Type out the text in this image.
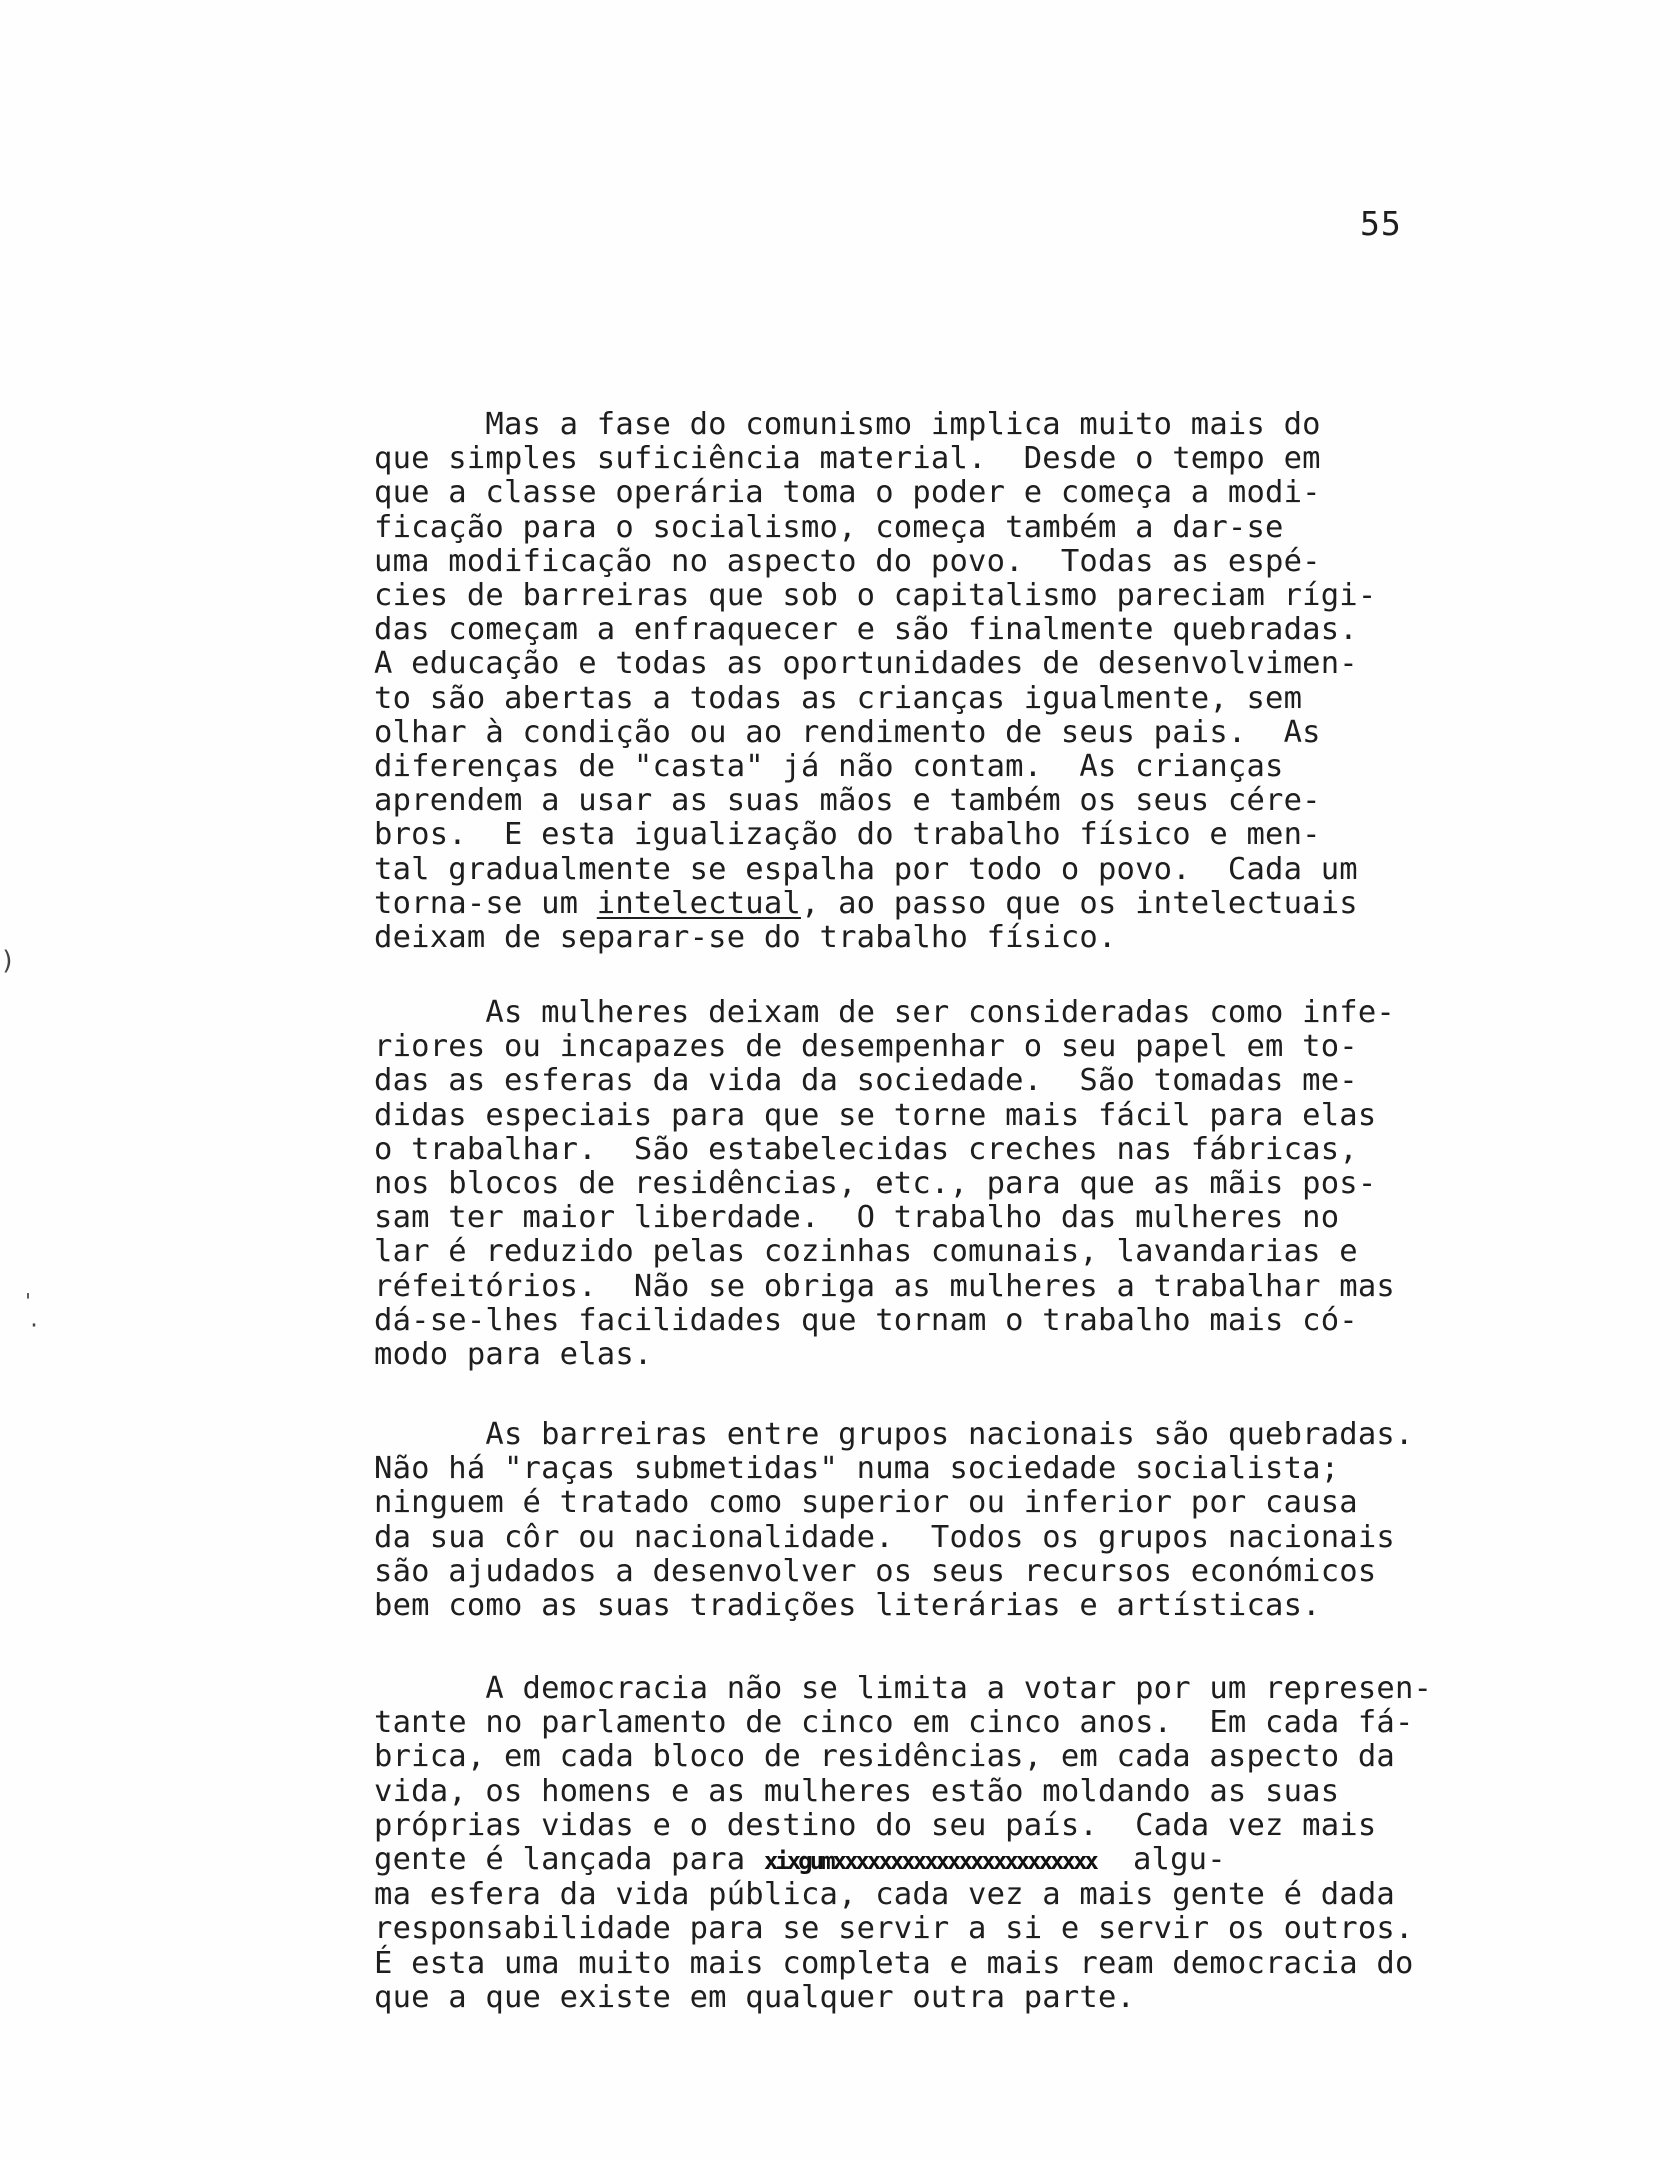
55
)
'
·
Mas a fase do comunismo implica muito mais do
que simples suficiência material.  Desde o tempo em
que a classe operária toma o poder e começa a modi-
ficação para o socialismo, começa também a dar-se
uma modificação no aspecto do povo.  Todas as espé-
cies de barreiras que sob o capitalismo pareciam rígi-
das começam a enfraquecer e são finalmente quebradas.
A educação e todas as oportunidades de desenvolvimen-
to são abertas a todas as crianças igualmente, sem
olhar à condição ou ao rendimento de seus pais.  As
diferenças de "casta" já não contam.  As crianças
aprendem a usar as suas mãos e também os seus cére-
bros.  E esta igualização do trabalho físico e men-
tal gradualmente se espalha por todo o povo.  Cada um
torna-se um intelectual, ao passo que os intelectuais
deixam de separar-se do trabalho físico.
As mulheres deixam de ser consideradas como infe-
riores ou incapazes de desempenhar o seu papel em to-
das as esferas da vida da sociedade.  São tomadas me-
didas especiais para que se torne mais fácil para elas
o trabalhar.  São estabelecidas creches nas fábricas,
nos blocos de residências, etc., para que as mãis pos-
sam ter maior liberdade.  O trabalho das mulheres no
lar é reduzido pelas cozinhas comunais, lavandarias e
réfeitórios.  Não se obriga as mulheres a trabalhar mas
dá-se-lhes facilidades que tornam o trabalho mais có-
modo para elas.
As barreiras entre grupos nacionais são quebradas.
Não há "raças submetidas" numa sociedade socialista;
ninguem é tratado como superior ou inferior por causa
da sua côr ou nacionalidade.  Todos os grupos nacionais
são ajudados a desenvolver os seus recursos económicos
bem como as suas tradições literárias e artísticas.
A democracia não se limita a votar por um represen-
tante no parlamento de cinco em cinco anos.  Em cada fá-
brica, em cada bloco de residências, em cada aspecto da
vida, os homens e as mulheres estão moldando as suas
próprias vidas e o destino do seu país.  Cada vez mais
gente é lançada para xixgumxxxxxxxxxxxxxxxxxxxxxxx  algu-
ma esfera da vida pública, cada vez a mais gente é dada
responsabilidade para se servir a si e servir os outros.
É esta uma muito mais completa e mais ream democracia do
que a que existe em qualquer outra parte.
